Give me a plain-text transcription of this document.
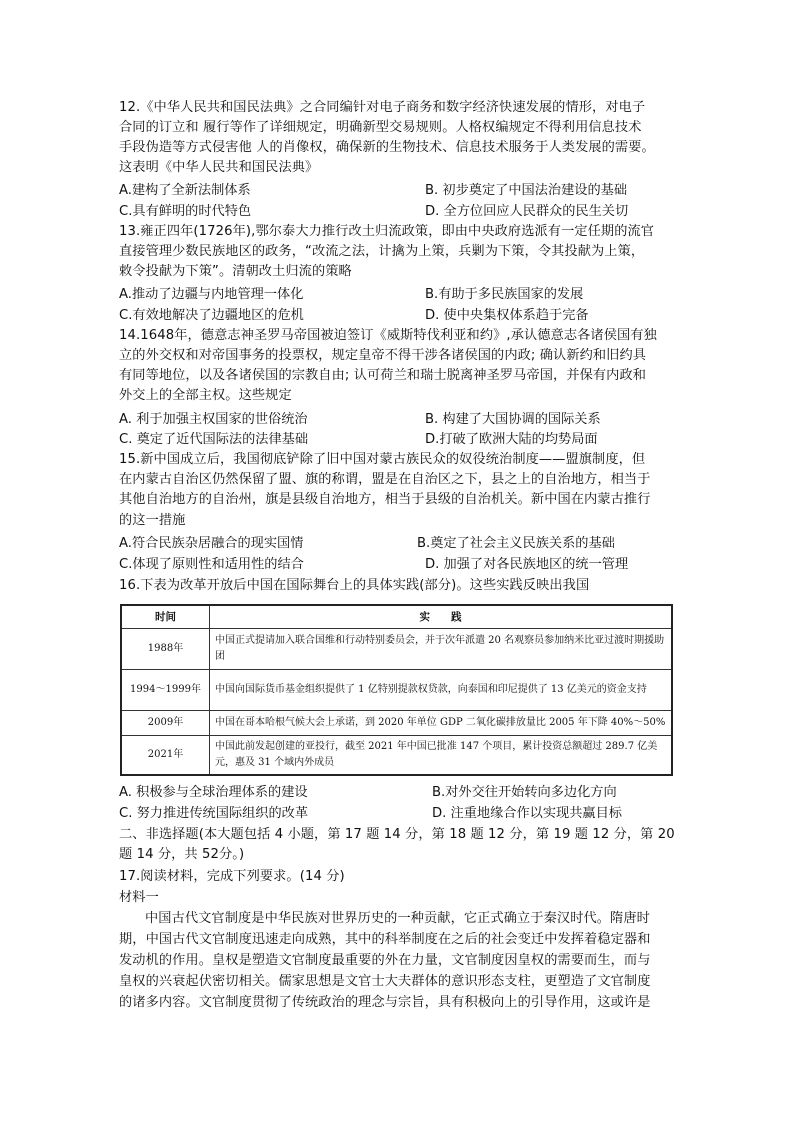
12.《中华人民共和国民法典》之合同编针对电子商务和数字经济快速发展的情形，对电子
合同的订立和 履行等作了详细规定，明确新型交易规则。人格权编规定不得利用信息技术
手段伪造等方式侵害他 人的肖像权，确保新的生物技术、信息技术服务于人类发展的需要。
这表明《中华人民共和国民法典》
A.建构了全新法制体系	B. 初步奠定了中国法治建设的基础
C.具有鲜明的时代特色	D. 全方位回应人民群众的民生关切
13.雍正四年(1726年),鄂尔泰大力推行改土归流政策，即由中央政府选派有一定任期的流官
直接管理少数民族地区的政务，“改流之法，计擒为上策，兵剿为下策，令其投献为上策，
敕令投献为下策”。清朝改土归流的策略
A.推动了边疆与内地管理一体化	B.有助于多民族国家的发展
C.有效地解决了边疆地区的危机	D. 使中央集权体系趋于完备
14.1648年，德意志神圣罗马帝国被迫签订《威斯特伐利亚和约》,承认德意志各诸侯国有独
立的外交权和对帝国事务的投票权，规定皇帝不得干涉各诸侯国的内政; 确认新约和旧约具
有同等地位，以及各诸侯国的宗教自由; 认可荷兰和瑞士脱离神圣罗马帝国，并保有内政和
外交上的全部主权。这些规定
A. 利于加强主权国家的世俗统治	B. 构建了大国协调的国际关系
C. 奠定了近代国际法的法律基础	D.打破了欧洲大陆的均势局面
15.新中国成立后，我国彻底铲除了旧中国对蒙古族民众的奴役统治制度——盟旗制度，但
在内蒙古自治区仍然保留了盟、旗的称谓，盟是在自治区之下，县之上的自治地方，相当于
其他自治地方的自治州，旗是县级自治地方，相当于县级的自治机关。新中国在内蒙古推行
的这一措施
A.符合民族杂居融合的现实国情	B.奠定了社会主义民族关系的基础
C.体现了原则性和适用性的结合	D. 加强了对各民族地区的统一管理
16.下表为改革开放后中国在国际舞台上的具体实践(部分)。这些实践反映出我国
时间	实　　践
1988年	中国正式提请加入联合国维和行动特别委员会，并于次年派遣 20 名观察员参加纳米比亚过渡时期援助团
1994～1999年	中国向国际货币基金组织提供了 1 亿特别提款权贷款，向泰国和印尼提供了 13 亿美元的资金支持
2009年	中国在哥本哈根气候大会上承诺，到 2020 年单位 GDP 二氧化碳排放量比 2005 年下降 40%～50%
2021年	中国此前发起创建的亚投行，截至 2021 年中国已批准 147 个项目，累计投资总额超过 289.7 亿美元，惠及 31 个域内外成员
A. 积极参与全球治理体系的建设	B.对外交往开始转向多边化方向
C. 努力推进传统国际组织的改革	D. 注重地缘合作以实现共赢目标
二、非选择题(本大题包括 4 小题，第 17 题 14 分，第 18 题 12 分，第 19 题 12 分，第 20
题 14 分，共 52分。)
17.阅读材料，完成下列要求。(14 分)
材料一
中国古代文官制度是中华民族对世界历史的一种贡献，它正式确立于秦汉时代。隋唐时
期，中国古代文官制度迅速走向成熟，其中的科举制度在之后的社会变迁中发挥着稳定器和
发动机的作用。皇权是塑造文官制度最重要的外在力量，文官制度因皇权的需要而生，而与
皇权的兴衰起伏密切相关。儒家思想是文官士大夫群体的意识形态支柱，更塑造了文官制度
的诸多内容。文官制度贯彻了传统政治的理念与宗旨，具有积极向上的引导作用，这或许是
